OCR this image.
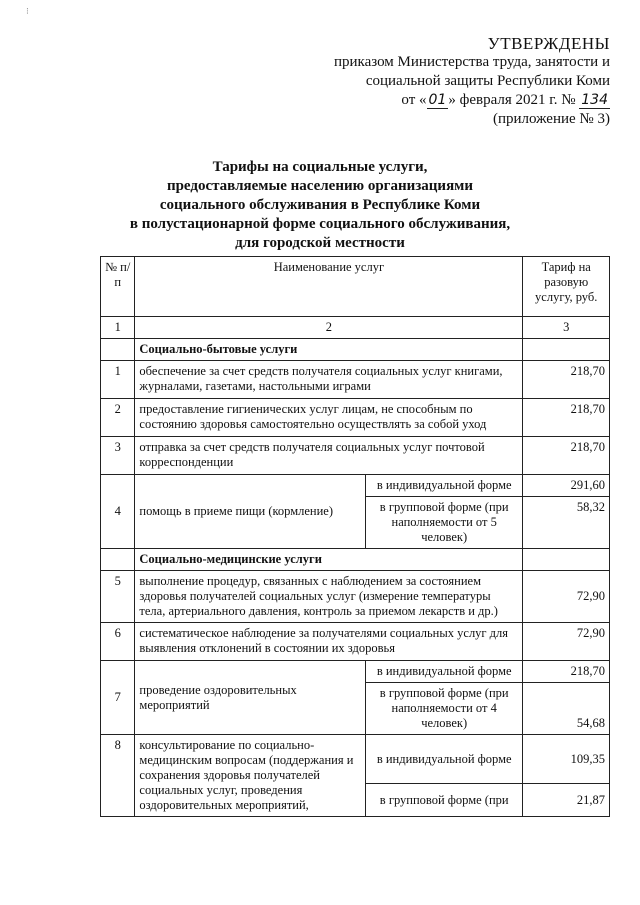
⁝
УТВЕРЖДЕНЫ
приказом Министерства труда, занятости и
социальной защиты Республики Коми
от « 01 » февраля 2021 г. № 134
(приложение № 3)
Тарифы на социальные услуги,
предоставляемые населению организациями
социального обслуживания в Республике Коми
в полустационарной форме социального обслуживания,
для городской местности
№ п/п	Наименование услуг		Тариф на разовую услугу, руб.
1	2		3
	Социально-бытовые услуги		
1	обеспечение за счет средств получателя социальных услуг книгами, журналами, газетами, настольными играми		218,70
2	предоставление гигиенических услуг лицам, не способным по состоянию здоровья самостоятельно осуществлять за собой уход		218,70
3	отправка за счет средств получателя социальных услуг почтовой корреспонденции		218,70
4	помощь в приеме пищи (кормление)	в индивидуальной форме	291,60
		в групповой форме (при наполняемости от 5 человек)	58,32
	Социально-медицинские услуги		
5	выполнение процедур, связанных с наблюдением за состоянием здоровья получателей социальных услуг (измерение температуры тела, артериального давления, контроль за приемом лекарств и др.)		72,90
6	систематическое наблюдение за получателями социальных услуг для выявления отклонений в состоянии их здоровья		72,90
7	проведение оздоровительных мероприятий	в индивидуальной форме	218,70
		в групповой форме (при наполняемости от 4 человек)	54,68
8	консультирование по социально-медицинским вопросам (поддержания и сохранения здоровья получателей социальных услуг, проведения оздоровительных мероприятий,	в индивидуальной форме	109,35
		в групповой форме (при	21,87
